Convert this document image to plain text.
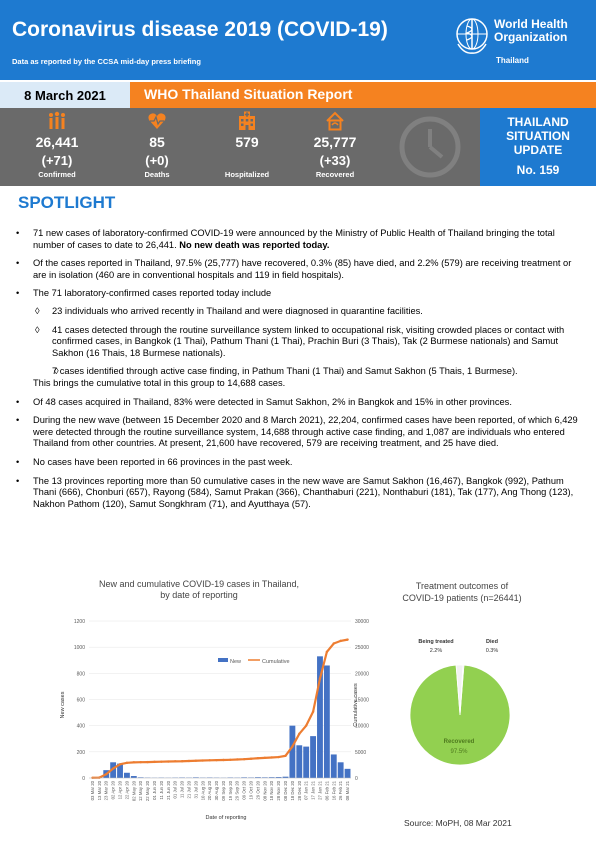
Coronavirus disease 2019 (COVID-19)
Data as reported by the CCSA mid-day press briefing
World Health
Organization
Thailand
8 March 2021	WHO Thailand Situation Report
26,441
(+71)
Confirmed
85
(+0)
Deaths
579
Hospitalized
25,777
(+33)
Recovered
THAILAND
SITUATION
UPDATE
No. 159
SPOTLIGHT
• 71 new cases of laboratory-confirmed COVID-19 were announced by the Ministry of Public Health of Thailand bringing the total number of cases to date to 26,441. No new death was reported today.
• Of the cases reported in Thailand, 97.5% (25,777) have recovered, 0.3% (85) have died, and 2.2% (579) are receiving treatment or are in isolation (460 are in conventional hospitals and 119 in field hospitals).
• The 71 laboratory-confirmed cases reported today include
◊ 23 individuals who arrived recently in Thailand and were diagnosed in quarantine facilities.
◊ 41 cases detected through the routine surveillance system linked to occupational risk, visiting crowded places or contact with confirmed cases, in Bangkok (1 Thai), Pathum Thani (1 Thai), Prachin Buri (3 Thais), Tak (2 Burmese nationals) and Samut Sakhon (16 Thais, 18 Burmese nationals).
◊ 7 cases identified through active case finding, in Pathum Thani (1 Thai) and Samut Sakhon (5 Thais, 1 Burmese).
This brings the cumulative total in this group to 14,688 cases.
• Of 48 cases acquired in Thailand, 83% were detected in Samut Sakhon, 2% in Bangkok and 15% in other provinces.
• During the new wave (between 15 December 2020 and 8 March 2021), 22,204, confirmed cases have been reported, of which 6,429 were detected through the routine surveillance system, 14,688 through active case finding, and 1,087 are individuals who entered Thailand from other countries. At present, 21,600 have recovered, 579 are receiving treatment, and 25 have died.
• No cases have been reported in 66 provinces in the past week.
• The 13 provinces reporting more than 50 cumulative cases in the new wave are Samut Sakhon (16,467), Bangkok (992), Pathum Thani (666), Chonburi (657), Rayong (584), Samut Prakan (366), Chanthaburi (221), Nonthaburi (181), Tak (177), Ang Thong (123), Nakhon Pathom (120), Samut Songkhram (71), and Ayutthaya (57).
New and cumulative COVID-19 cases in Thailand,
by date of reporting
0
200
400
600
800
1000
1200
0
5000
10000
15000
20000
25000
30000
03 Mar 20 13 Mar 20 23 Mar 20 02 Apr 20 12 Apr 20 22 Apr 20 02 May 20 12 May 20 22 May 20 01 Jun 20 11 Jun 20 21 Jun 20 01 Jul 20 11 Jul 20 21 Jul 20 31 Jul 20 10 Aug 20 20 Aug 20 30 Aug 20 09 Sep 20 19 Sep 20 29 Sep 20 09 Oct 20 19 Oct 20 29 Oct 20 08 Nov 20 18 Nov 20 28 Nov 20 08 Dec 20 18 Dec 20 28 Dec 20 07 Jan 21 17 Jan 21 27 Jan 21 06 Feb 21 16 Feb 21 26 Feb 21 08 Mar 21
New	Cumulative
New cases	Cumulative cases
Date of reporting
Treatment outcomes of
COVID-19 patients (n=26441)
Being treated
2.2%
Died
0.3%
Recovered
97.5%
Source: MoPH, 08 Mar 2021
